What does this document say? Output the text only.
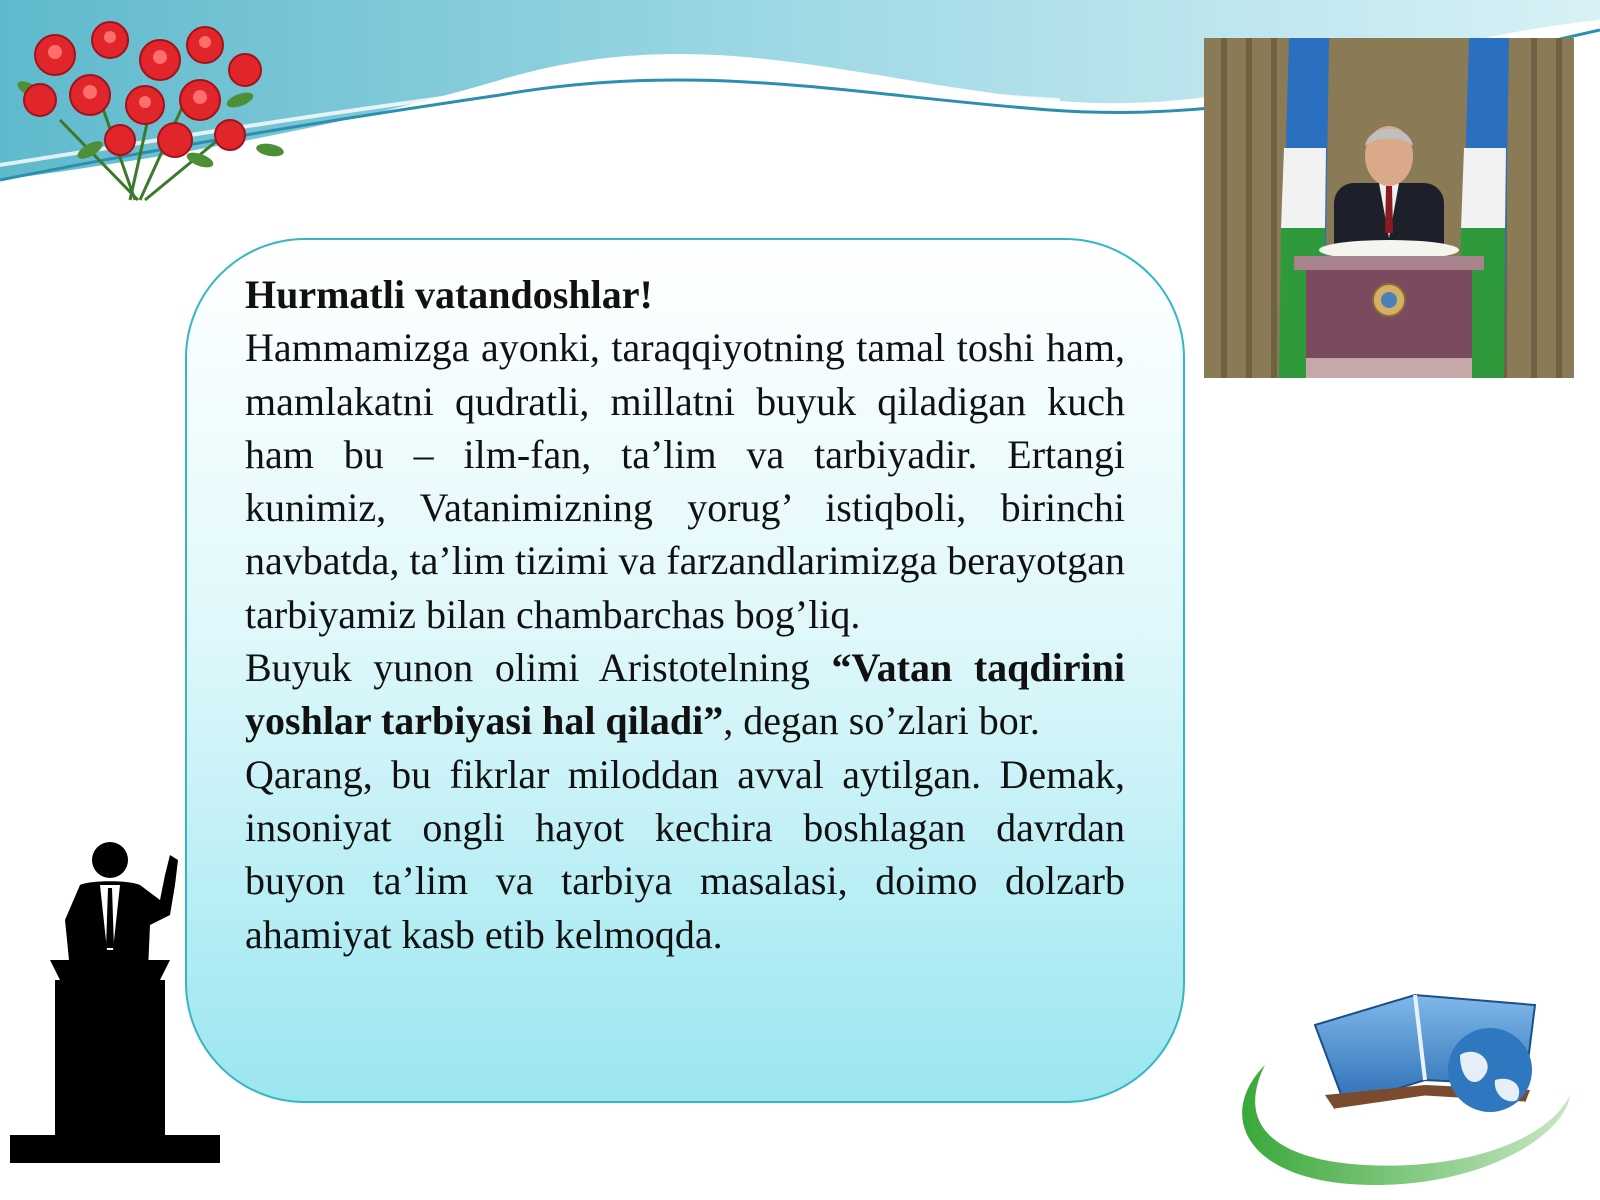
Hurmatli vatandoshlar!

Hammamizga ayonki, taraqqiyotning tamal toshi ham, mamlakatni qudratli, millatni buyuk qiladigan kuch ham bu – ilm-fan, ta’lim va tarbiyadir. Ertangi kunimiz, Vatanimizning yorug’ istiqboli, birinchi navbatda, ta’lim tizimi va farzandlarimizga berayotgan tarbiyamiz bilan chambarchas bog’liq.

Buyuk yunon olimi Aristotelning “Vatan taqdirini yoshlar tarbiyasi hal qiladi”, degan so’zlari bor.

Qarang, bu fikrlar miloddan avval aytilgan. Demak, insoniyat ongli hayot kechira boshlagan davrdan buyon ta’lim va tarbiya masalasi, doimo dolzarb ahamiyat kasb etib kelmoqda.
